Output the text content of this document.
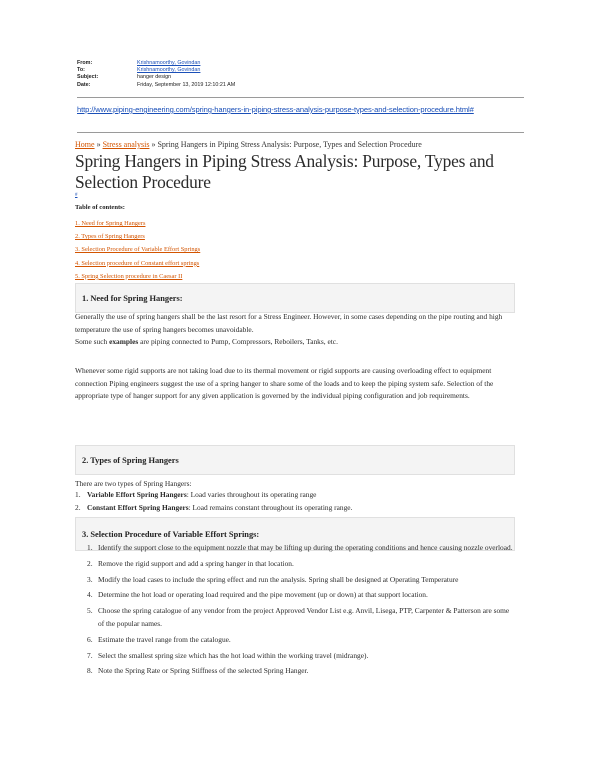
From:	Krishnamoorthy, Govindan
To:	Krishnamoorthy, Govindan
Subject:	hanger design
Date:	Friday, September 13, 2019 12:10:21 AM
http://www.piping-engineering.com/spring-hangers-in-piping-stress-analysis-purpose-types-and-selection-procedure.html#
Home » Stress analysis » Spring Hangers in Piping Stress Analysis: Purpose, Types and Selection Procedure
Spring Hangers in Piping Stress Analysis: Purpose, Types and Selection Procedure
#
Table of contents:
1. Need for Spring Hangers
2. Types of Spring Hangers
3. Selection Procedure of Variable Effort Springs
4. Selection procedure of Constant effort springs
5. Spring Selection procedure in Caesar II
1. Need for Spring Hangers:

Generally the use of spring hangers shall be the last resort for a Stress Engineer. However, in some cases depending on the pipe routing and high temperature the use of spring hangers becomes unavoidable.

Some such examples are piping connected to Pump, Compressors, Reboilers, Tanks, etc.

Whenever some rigid supports are not taking load due to its thermal movement or rigid supports are causing overloading effect to equipment connection Piping engineers suggest the use of a spring hanger to share some of the loads and to keep the piping system safe. Selection of the appropriate type of hanger support for any given application is governed by the individual piping configuration and job requirements.

2. Types of Spring Hangers

There are two types of Spring Hangers:

1. Variable Effort Spring Hangers: Load varies throughout its operating range
2. Constant Effort Spring Hangers: Load remains constant throughout its operating range.
3. Selection Procedure of Variable Effort Springs:
1. Identify the support close to the equipment nozzle that may be lifting up during the operating conditions and hence causing nozzle overload.
2. Remove the rigid support and add a spring hanger in that location.
3. Modify the load cases to include the spring effect and run the analysis. Spring shall be designed at Operating Temperature
4. Determine the hot load or operating load required and the pipe movement (up or down) at that support location.
5. Choose the spring catalogue of any vendor from the project Approved Vendor List e.g. Anvil, Lisega, PTP, Carpenter & Patterson are some of the popular names.
6. Estimate the travel range from the catalogue.
7. Select the smallest spring size which has the hot load within the working travel (midrange).
8. Note the Spring Rate or Spring Stiffness of the selected Spring Hanger.
